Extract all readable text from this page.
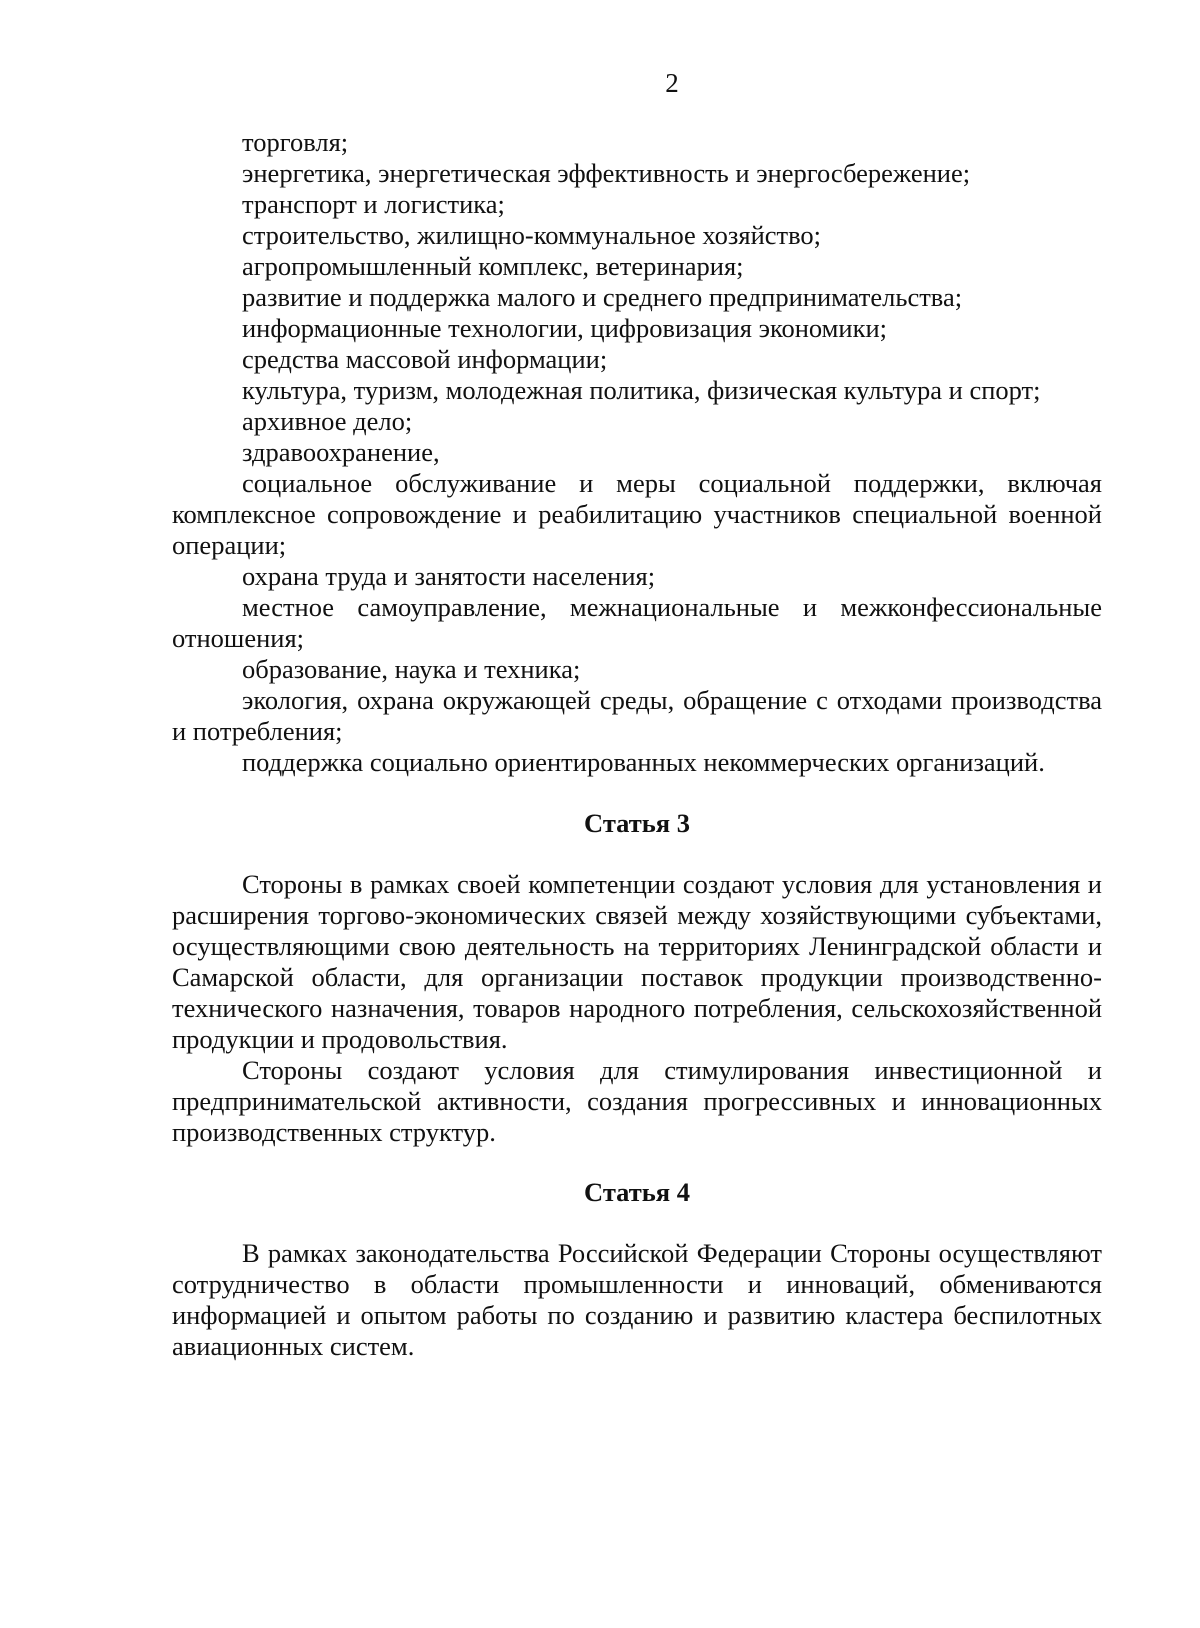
2

торговля;

энергетика, энергетическая эффективность и энергосбережение;

транспорт и логистика;

строительство, жилищно-коммунальное хозяйство;

агропромышленный комплекс, ветеринария;

развитие и поддержка малого и среднего предпринимательства;

информационные технологии, цифровизация экономики;

средства массовой информации;

культура, туризм, молодежная политика, физическая культура и спорт;

архивное дело;

здравоохранение,

социальное обслуживание и меры социальной поддержки, включая комплексное сопровождение и реабилитацию участников специальной военной операции;

охрана труда и занятости населения;

местное самоуправление, межнациональные и межконфессиональные отношения;

образование, наука и техника;

экология, охрана окружающей среды, обращение с отходами производства и потребления;

поддержка социально ориентированных некоммерческих организаций.

Статья 3

Стороны в рамках своей компетенции создают условия для установления и расширения торгово-экономических связей между хозяйствующими субъектами, осуществляющими свою деятельность на территориях Ленинградской области и Самарской области, для организации поставок продукции производственно-технического назначения, товаров народного потребления, сельскохозяйственной продукции и продовольствия.

Стороны создают условия для стимулирования инвестиционной и предпринимательской активности, создания прогрессивных и инновационных производственных структур.

Статья 4

В рамках законодательства Российской Федерации Стороны осуществляют сотрудничество в области промышленности и инноваций, обмениваются информацией и опытом работы по созданию и развитию кластера беспилотных авиационных систем.
